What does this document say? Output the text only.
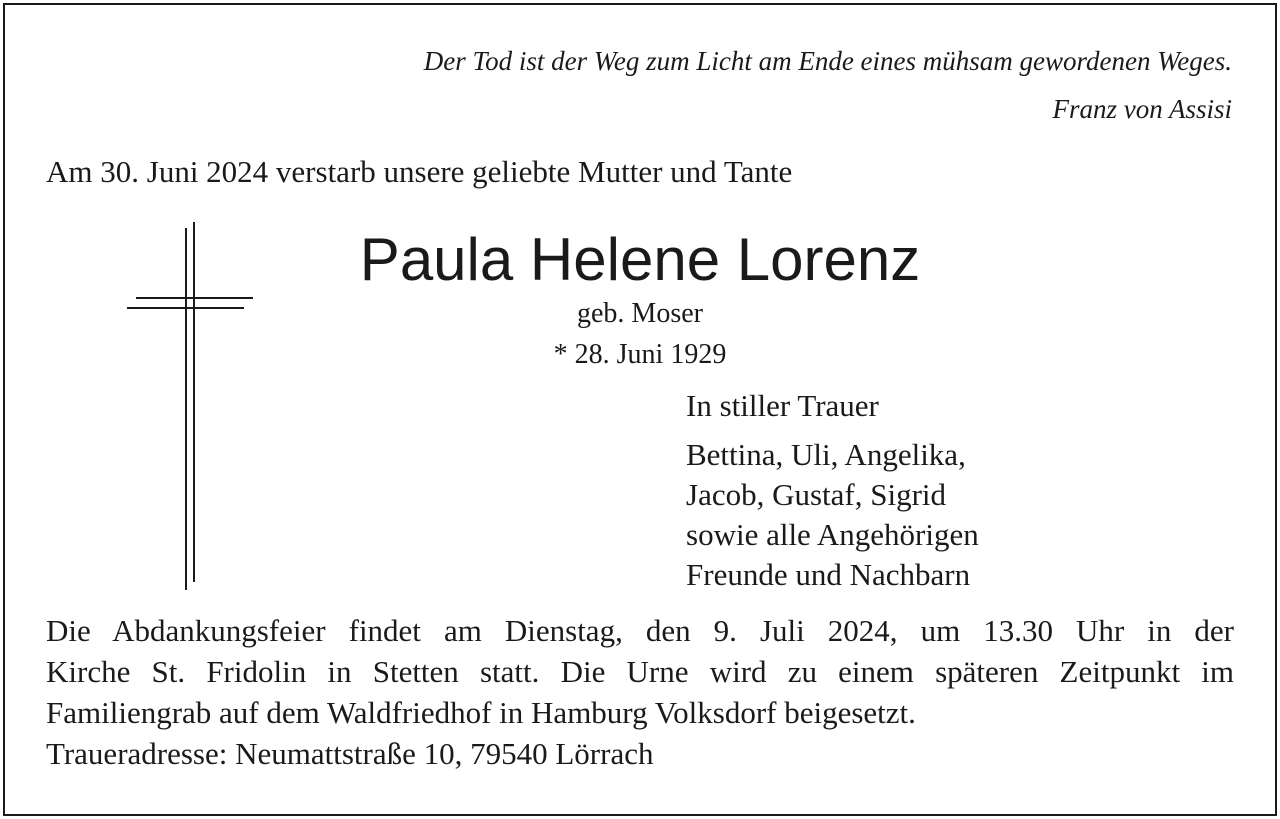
Der Tod ist der Weg zum Licht am Ende eines mühsam gewordenen Weges.
Franz von Assisi
Am 30. Juni 2024 verstarb unsere geliebte Mutter und Tante
Paula Helene Lorenz
geb. Moser
* 28. Juni 1929
In stiller Trauer
Bettina, Uli, Angelika,
Jacob, Gustaf, Sigrid
sowie alle Angehörigen
Freunde und Nachbarn
Die Abdankungsfeier findet am Dienstag, den 9. Juli 2024, um 13.30 Uhr in der
Kirche St. Fridolin in Stetten statt. Die Urne wird zu einem späteren Zeitpunkt im
Familiengrab auf dem Waldfriedhof in Hamburg Volksdorf beigesetzt.
Traueradresse: Neumattstraße 10, 79540 Lörrach
